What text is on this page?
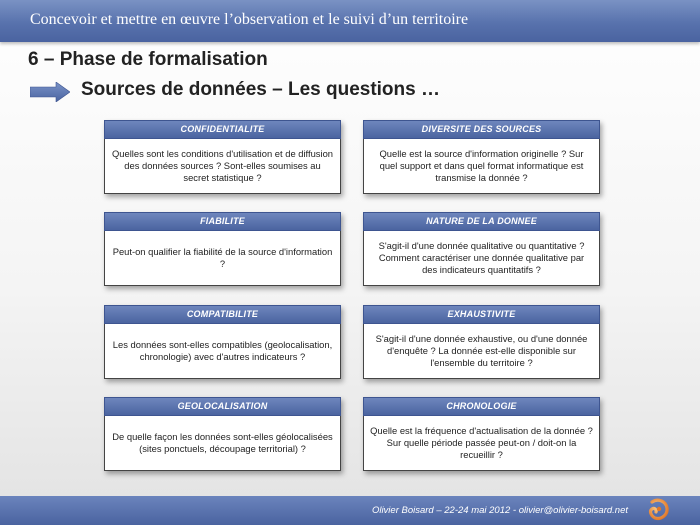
Concevoir et mettre en œuvre l’observation et le suivi d’un territoire
6 – Phase de formalisation
Sources de données – Les questions …
CONFIDENTIALITE
Quelles sont les conditions d'utilisation et de diffusion des données sources ? Sont-elles soumises au secret statistique ?
DIVERSITE DES SOURCES
Quelle est la source d'information originelle ? Sur quel support et dans quel format informatique est transmise la donnée ?
FIABILITE
Peut-on qualifier la fiabilité de la source d'information ?
NATURE DE LA DONNEE
S'agit-il d'une donnée qualitative ou quantitative ? Comment caractériser une donnée qualitative par des indicateurs quantitatifs ?
COMPATIBILITE
Les données sont-elles compatibles (geolocalisation, chronologie) avec d'autres indicateurs ?
EXHAUSTIVITE
S'agit-il d'une donnée exhaustive, ou d'une donnée d'enquête ? La donnée est-elle disponible sur l'ensemble du territoire ?
GEOLOCALISATION
De quelle façon les données sont-elles géolocalisées (sites ponctuels, découpage territorial) ?
CHRONOLOGIE
Quelle est la fréquence d'actualisation de la donnée ? Sur quelle période passée peut-on / doit-on la recueillir ?
Olivier Boisard – 22-24 mai 2012 - olivier@olivier-boisard.net
